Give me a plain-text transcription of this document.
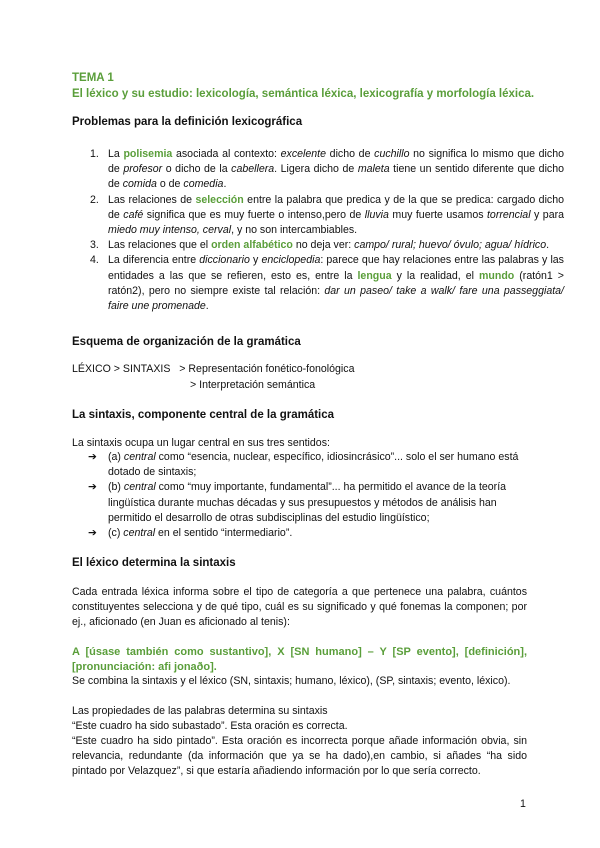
TEMA 1
El léxico y su estudio: lexicología, semántica léxica, lexicografía y morfología léxica.
Problemas para la definición lexicográfica
1. La polisemia asociada al contexto: excelente dicho de cuchillo no significa lo mismo que dicho de profesor o dicho de la cabellera. Ligera dicho de maleta tiene un sentido diferente que dicho de comida o de comedia.
2. Las relaciones de selección entre la palabra que predica y de la que se predica: cargado dicho de café significa que es muy fuerte o intenso,pero de lluvia muy fuerte usamos torrencial y para miedo muy intenso, cerval, y no son intercambiables.
3. Las relaciones que el orden alfabético no deja ver: campo/ rural; huevo/ óvulo; agua/ hídrico.
4. La diferencia entre diccionario y enciclopedia: parece que hay relaciones entre las palabras y las entidades a las que se refieren, esto es, entre la lengua y la realidad, el mundo (ratón1 > ratón2), pero no siempre existe tal relación: dar un paseo/ take a walk/ fare una passeggiata/ faire une promenade.
Esquema de organización de la gramática
LÉXICO > SINTAXIS > Representación fonético-fonológica
> Interpretación semántica
La sintaxis, componente central de la gramática
La sintaxis ocupa un lugar central en sus tres sentidos:
➔ (a) central como “esencia, nuclear, específico, idiosincrásico”... solo el ser humano está dotado de sintaxis;
➔ (b) central como “muy importante, fundamental”... ha permitido el avance de la teoría lingüística durante muchas décadas y sus presupuestos y métodos de análisis han permitido el desarrollo de otras subdisciplinas del estudio lingüístico;
➔ (c) central en el sentido “intermediario”.
El léxico determina la sintaxis
Cada entrada léxica informa sobre el tipo de categoría a que pertenece una palabra, cuántos constituyentes selecciona y de qué tipo, cuál es su significado y qué fonemas la componen; por ej., aficionado (en Juan es aficionado al tenis):
A [úsase también como sustantivo], X [SN humano] – Y [SP evento], [definición], [pronunciación: afi jonaðo].
Se combina la sintaxis y el léxico (SN, sintaxis; humano, léxico), (SP, sintaxis; evento, léxico).
Las propiedades de las palabras determina su sintaxis
“Este cuadro ha sido subastado”. Esta oración es correcta.
“Este cuadro ha sido pintado”. Esta oración es incorrecta porque añade información obvia, sin relevancia, redundante (da información que ya se ha dado),en cambio, si añades “ha sido pintado por Velazquez”, si que estaría añadiendo información por lo que sería correcto.
1
